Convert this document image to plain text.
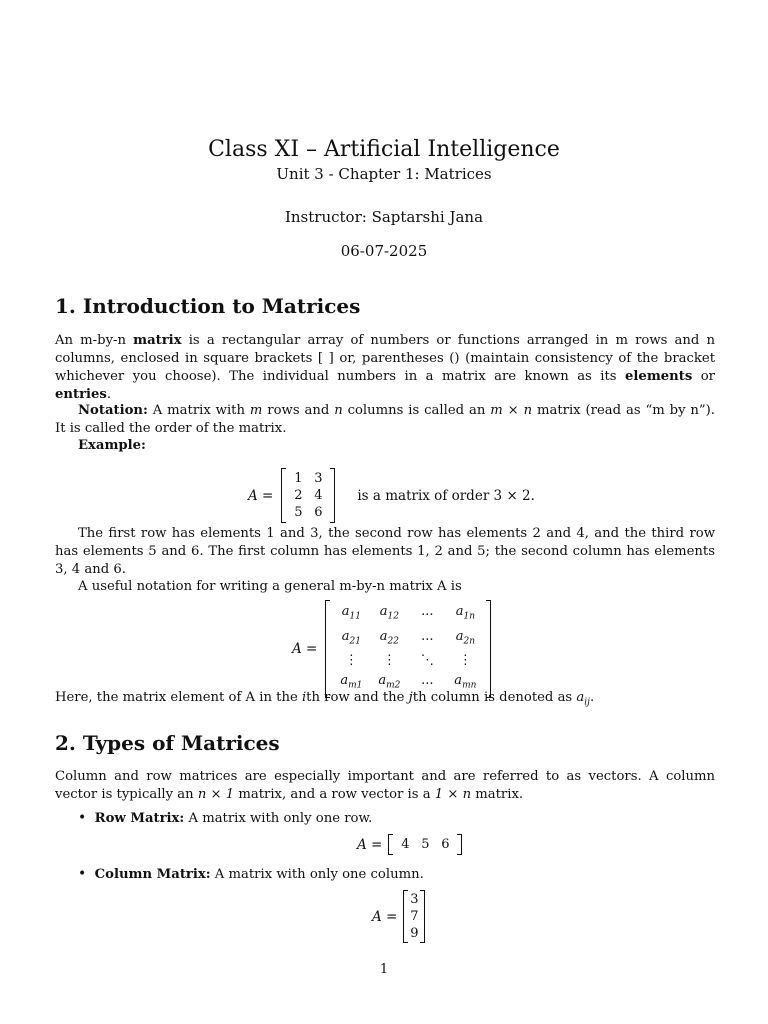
Class XI – Artificial Intelligence
Unit 3 - Chapter 1: Matrices
Instructor: Saptarshi Jana
06-07-2025
1. Introduction to Matrices
An m-by-n matrix is a rectangular array of numbers or functions arranged in m rows and n columns, enclosed in square brackets [ ] or, parentheses () (maintain consistency of the bracket whichever you choose). The individual numbers in a matrix are known as its elements or entries.
Notation: A matrix with m rows and n columns is called an m × n matrix (read as “m by n”). It is called the order of the matrix.
Example:
A =
1 3
2 4
5 6
is a matrix of order 3 × 2.
The first row has elements 1 and 3, the second row has elements 2 and 4, and the third row has elements 5 and 6. The first column has elements 1, 2 and 5; the second column has elements 3, 4 and 6.
A useful notation for writing a general m-by-n matrix A is
A =
$a_{11}$	$a_{12}$	...	$a_{1n}$
$a_{21}$	$a_{22}$	...	$a_{2n}$
⋮	⋮	⋱	⋮
$a_{m1}$	$a_{m2}$	...	$a_{mn}$
Here, the matrix element of A in the ith row and the jth column is denoted as $a_{ij}$.
2. Types of Matrices
Column and row matrices are especially important and are referred to as vectors. A column vector is typically an n × 1 matrix, and a row vector is a 1 × n matrix.
• Row Matrix: A matrix with only one row.
A =	4 5 6
• Column Matrix: A matrix with only one column.
A =
3
7
9
1
